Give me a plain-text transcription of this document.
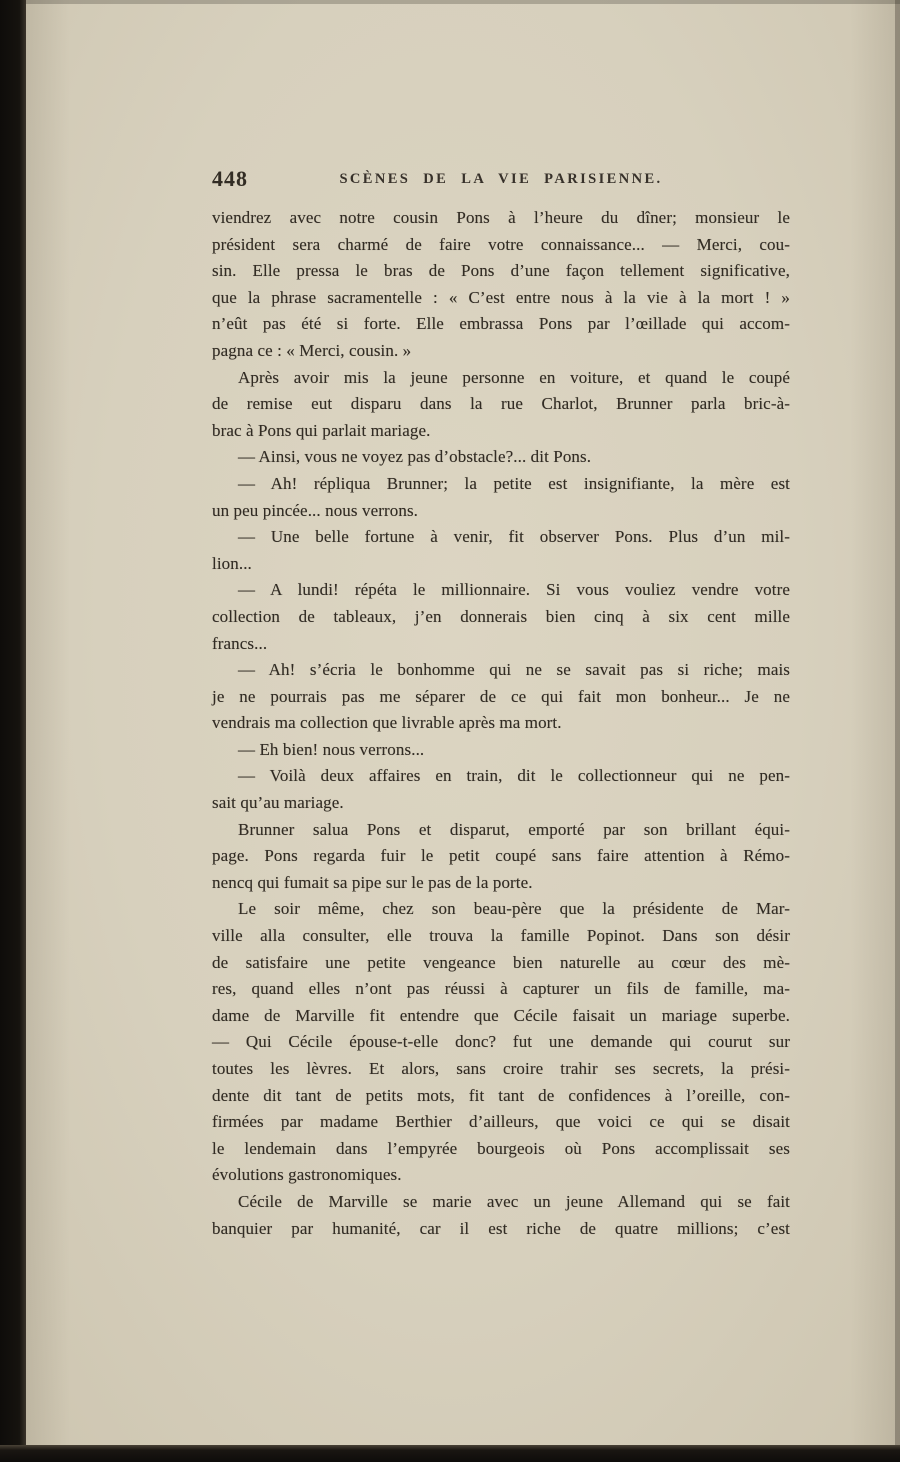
448	SCÈNES DE LA VIE PARISIENNE.
viendrez avec notre cousin Pons à l’heure du dîner; monsieur le
président sera charmé de faire votre connaissance... — Merci, cou-
sin. Elle pressa le bras de Pons d’une façon tellement significative,
que la phrase sacramentelle : « C’est entre nous à la vie à la mort ! »
n’eût pas été si forte. Elle embrassa Pons par l’œillade qui accom-
pagna ce : « Merci, cousin. »
Après avoir mis la jeune personne en voiture, et quand le coupé
de remise eut disparu dans la rue Charlot, Brunner parla bric-à-
brac à Pons qui parlait mariage.
— Ainsi, vous ne voyez pas d’obstacle?... dit Pons.
— Ah! répliqua Brunner; la petite est insignifiante, la mère est
un peu pincée... nous verrons.
— Une belle fortune à venir, fit observer Pons. Plus d’un mil-
lion...
— A lundi! répéta le millionnaire. Si vous vouliez vendre votre
collection de tableaux, j’en donnerais bien cinq à six cent mille
francs...
— Ah! s’écria le bonhomme qui ne se savait pas si riche; mais
je ne pourrais pas me séparer de ce qui fait mon bonheur... Je ne
vendrais ma collection que livrable après ma mort.
— Eh bien! nous verrons...
— Voilà deux affaires en train, dit le collectionneur qui ne pen-
sait qu’au mariage.
Brunner salua Pons et disparut, emporté par son brillant équi-
page. Pons regarda fuir le petit coupé sans faire attention à Rémo-
nencq qui fumait sa pipe sur le pas de la porte.
Le soir même, chez son beau-père que la présidente de Mar-
ville alla consulter, elle trouva la famille Popinot. Dans son désir
de satisfaire une petite vengeance bien naturelle au cœur des mè-
res, quand elles n’ont pas réussi à capturer un fils de famille, ma-
dame de Marville fit entendre que Cécile faisait un mariage superbe.
— Qui Cécile épouse-t-elle donc? fut une demande qui courut sur
toutes les lèvres. Et alors, sans croire trahir ses secrets, la prési-
dente dit tant de petits mots, fit tant de confidences à l’oreille, con-
firmées par madame Berthier d’ailleurs, que voici ce qui se disait
le lendemain dans l’empyrée bourgeois où Pons accomplissait ses
évolutions gastronomiques.
Cécile de Marville se marie avec un jeune Allemand qui se fait
banquier par humanité, car il est riche de quatre millions; c’est
